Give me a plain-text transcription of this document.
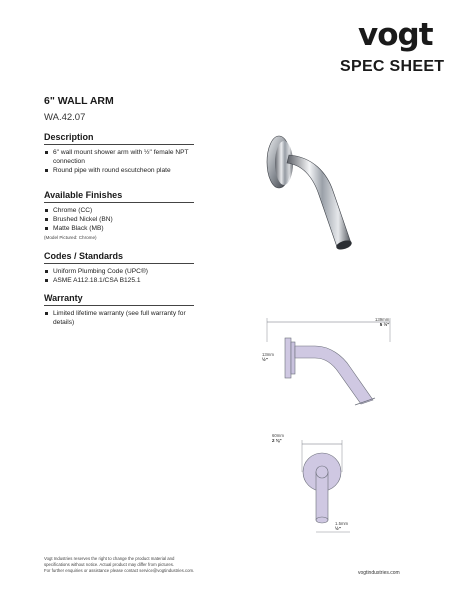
vogt
SPEC SHEET
6" WALL ARM
WA.42.07
Description
6" wall mount shower arm with ½" female NPT connection
Round pipe with round escutcheon plate
Available Finishes
Chrome (CC)
Brushed Nickel (BN)
Matte Black (MB)
(Model Pictured: Chrome)
Codes / Standards
Uniform Plumbing Code (UPC®)
ASME A112.18.1/CSA B125.1
Warranty
Limited lifetime warranty (see full warranty for details)	139mm
5 ½"
13mm
½"
60mm
2 ⅜"
1.5mm
½"
Vogt Industries reserves the right to change the product material and
specifications without notice. Actual product may differ from pictures.
For further enquiries or assistance please contact service@vogtindustries.com.	vogtindustries.com
